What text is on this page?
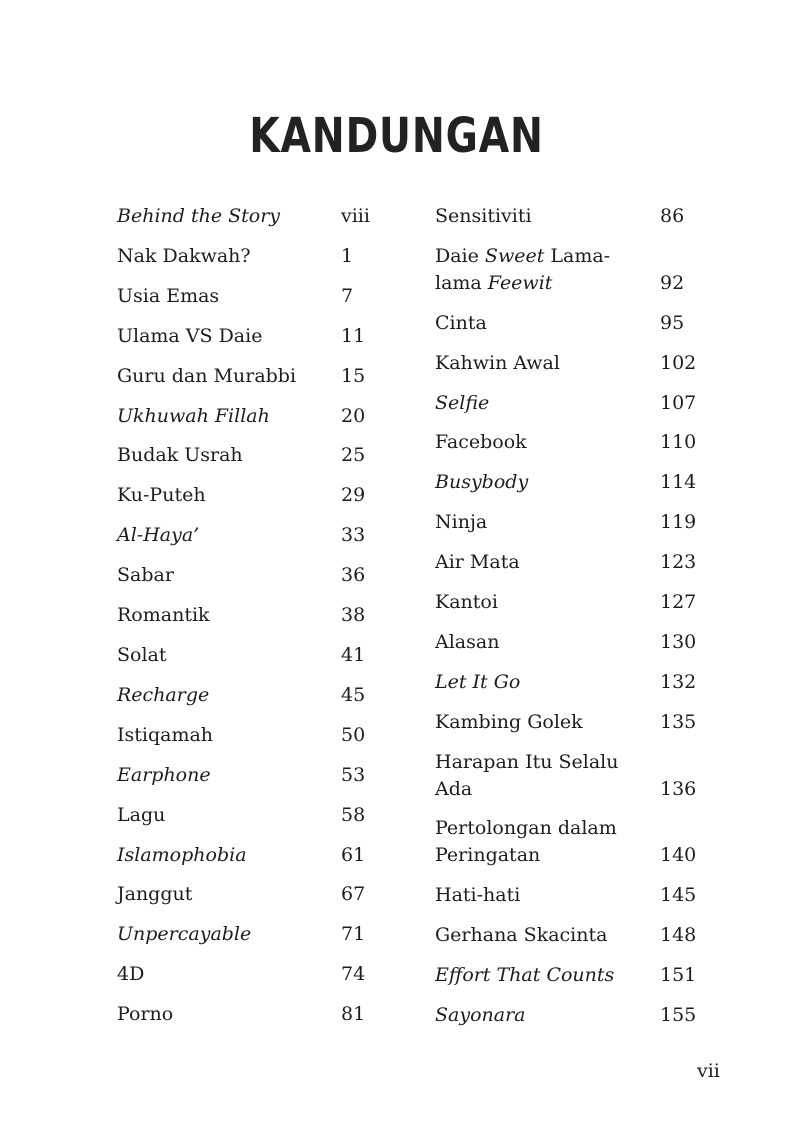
KANDUNGAN
Behind the Story	viii
Nak Dakwah?	1
Usia Emas	7
Ulama VS Daie	11
Guru dan Murabbi	15
Ukhuwah Fillah	20
Budak Usrah	25
Ku-Puteh	29
Al-Haya’	33
Sabar	36
Romantik	38
Solat	41
Recharge	45
Istiqamah	50
Earphone	53
Lagu	58
Islamophobia	61
Janggut	67
Unpercayable	71
4D	74
Porno	81
Sensitiviti	86
Daie Sweet Lama-
lama Feewit	92
Cinta	95
Kahwin Awal	102
Selfie	107
Facebook	110
Busybody	114
Ninja	119
Air Mata	123
Kantoi	127
Alasan	130
Let It Go	132
Kambing Golek	135
Harapan Itu Selalu
Ada	136
Pertolongan dalam
Peringatan	140
Hati-hati	145
Gerhana Skacinta	148
Effort That Counts	151
Sayonara	155
vii
